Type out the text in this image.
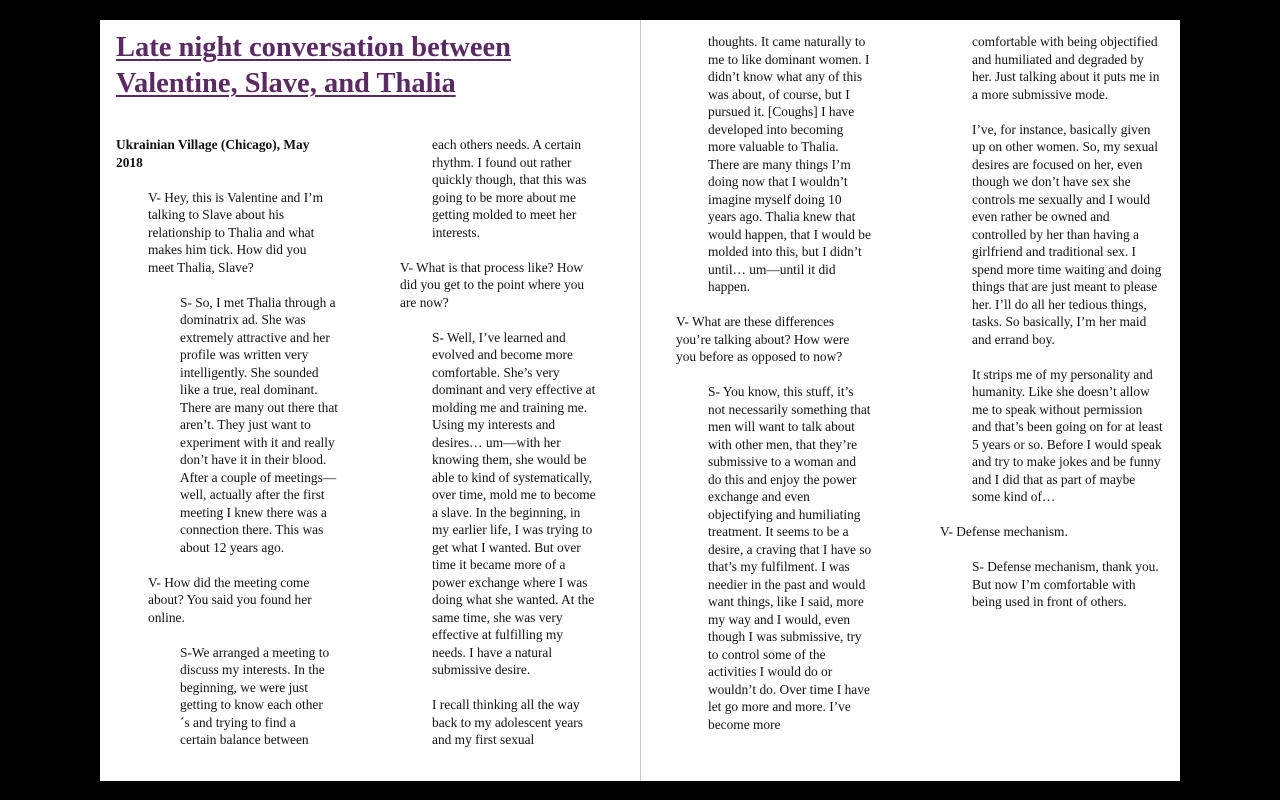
Late night conversation between Valentine, Slave, and Thalia

Ukrainian Village (Chicago), May 2018

V- Hey, this is Valentine and I’m talking to Slave about his relationship to Thalia and what makes him tick. How did you meet Thalia, Slave?

S- So, I met Thalia through a dominatrix ad. She was extremely attractive and her profile was written very intelligently. She sounded like a true, real dominant. There are many out there that aren’t. They just want to experiment with it and really don’t have it in their blood. After a couple of meetings—well, actually after the first meeting I knew there was a connection there. This was about 12 years ago.

V- How did the meeting come about? You said you found her online.

S-We arranged a meeting to discuss my interests. In the beginning, we were just getting to know each other´s and trying to find a certain balance between

each others needs. A certain rhythm. I found out rather quickly though, that this was going to be more about me getting molded to meet her interests.

V- What is that process like? How did you get to the point where you are now?

S- Well, I’ve learned and evolved and become more comfortable. She’s very dominant and very effective at molding me and training me. Using my interests and desires… um—with her knowing them, she would be able to kind of systematically, over time, mold me to become a slave. In the beginning, in my earlier life, I was trying to get what I wanted. But over time it became more of a power exchange where I was doing what she wanted. At the same time, she was very effective at fulfilling my needs. I have a natural submissive desire.

I recall thinking all the way back to my adolescent years and my first sexual

thoughts. It came naturally to me to like dominant women. I didn’t know what any of this was about, of course, but I pursued it. [Coughs] I have developed into becoming more valuable to Thalia. There are many things I’m doing now that I wouldn’t imagine myself doing 10 years ago. Thalia knew that would happen, that I would be molded into this, but I didn’t until… um—until it did happen.

V- What are these differences you’re talking about? How were you before as opposed to now?

S- You know, this stuff, it’s not necessarily something that men will want to talk about with other men, that they’re submissive to a woman and do this and enjoy the power exchange and even objectifying and humiliating treatment. It seems to be a desire, a craving that I have so that’s my fulfilment. I was needier in the past and would want things, like I said, more my way and I would, even though I was submissive, try to control some of the activities I would do or wouldn’t do. Over time I have let go more and more. I’ve become more

comfortable with being objectified and humiliated and degraded by her. Just talking about it puts me in a more submissive mode.

I’ve, for instance, basically given up on other women. So, my sexual desires are focused on her, even though we don’t have sex she controls me sexually and I would even rather be owned and controlled by her than having a girlfriend and traditional sex. I spend more time waiting and doing things that are just meant to please her. I’ll do all her tedious things, tasks. So basically, I’m her maid and errand boy.

It strips me of my personality and humanity. Like she doesn’t allow me to speak without permission and that’s been going on for at least 5 years or so. Before I would speak and try to make jokes and be funny and I did that as part of maybe some kind of…

V- Defense mechanism.

S- Defense mechanism, thank you. But now I’m comfortable with being used in front of others.
